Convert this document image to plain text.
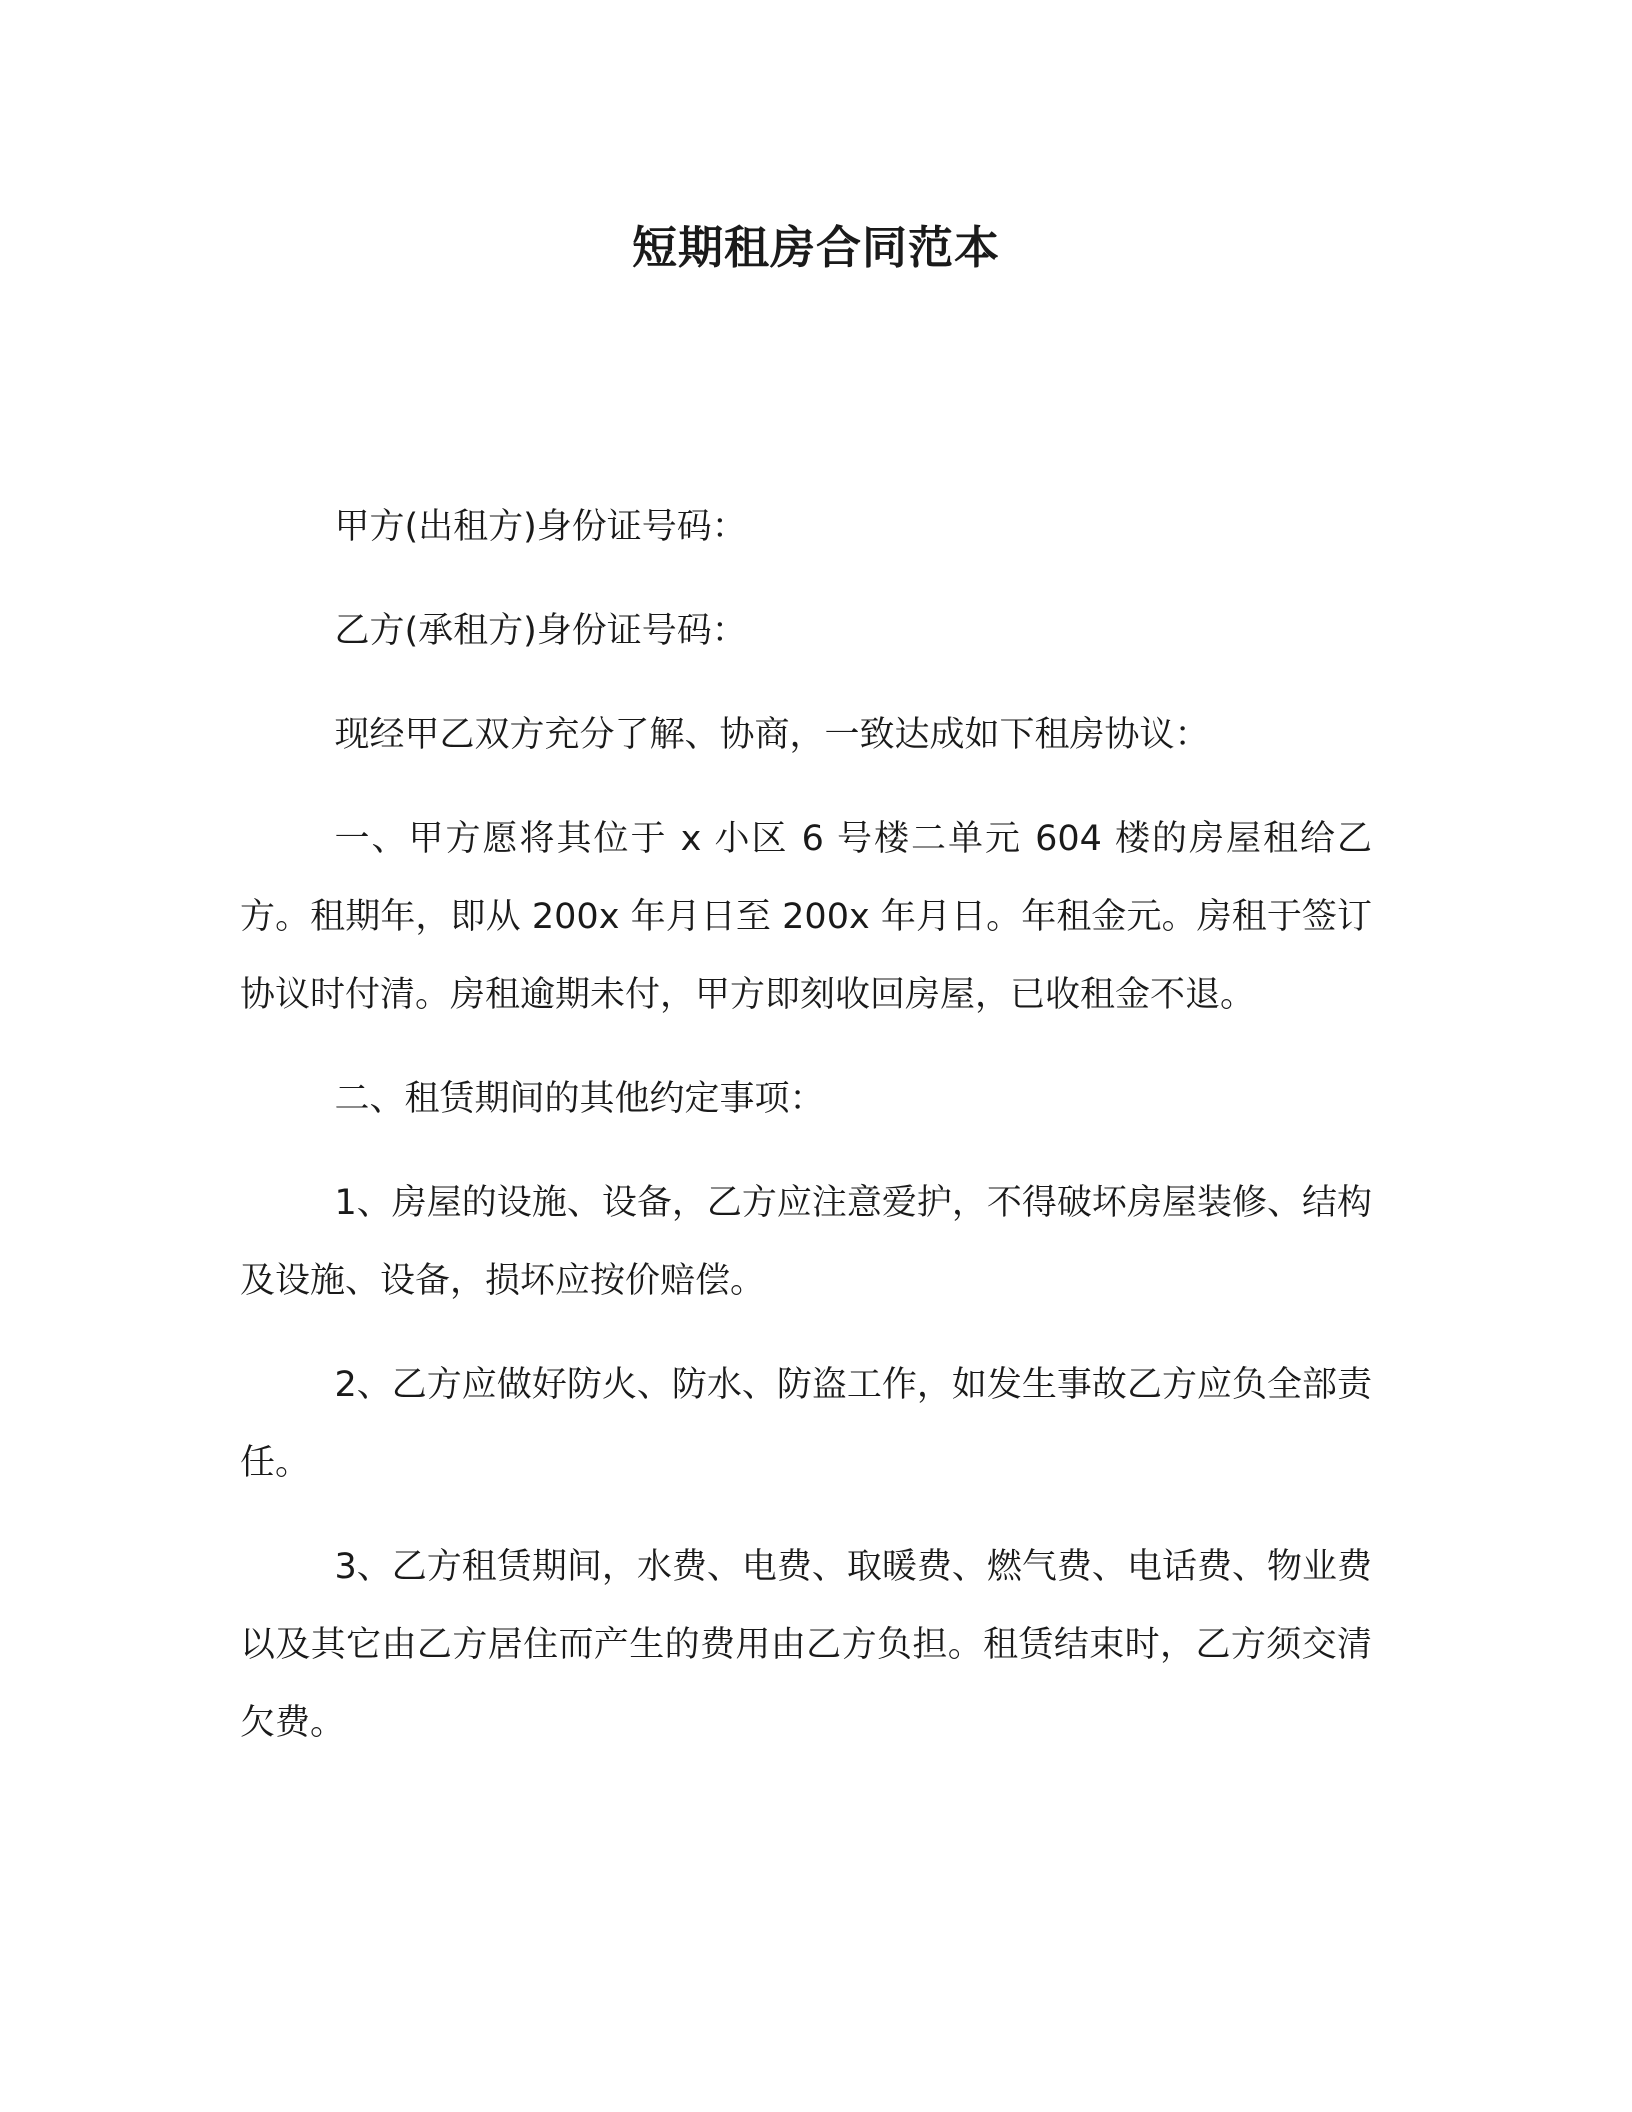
短期租房合同范本

甲方(出租方)身份证号码：

乙方(承租方)身份证号码：

现经甲乙双方充分了解、协商，一致达成如下租房协议：

一、甲方愿将其位于 x 小区 6 号楼二单元 604 楼的房屋租给乙方。租期年，即从 200x 年月日至 200x 年月日。年租金元。房租于签订协议时付清。房租逾期未付，甲方即刻收回房屋，已收租金不退。

二、租赁期间的其他约定事项：

1、房屋的设施、设备，乙方应注意爱护，不得破坏房屋装修、结构及设施、设备，损坏应按价赔偿。

2、乙方应做好防火、防水、防盗工作，如发生事故乙方应负全部责任。

3、乙方租赁期间，水费、电费、取暖费、燃气费、电话费、物业费以及其它由乙方居住而产生的费用由乙方负担。租赁结束时，乙方须交清欠费。
